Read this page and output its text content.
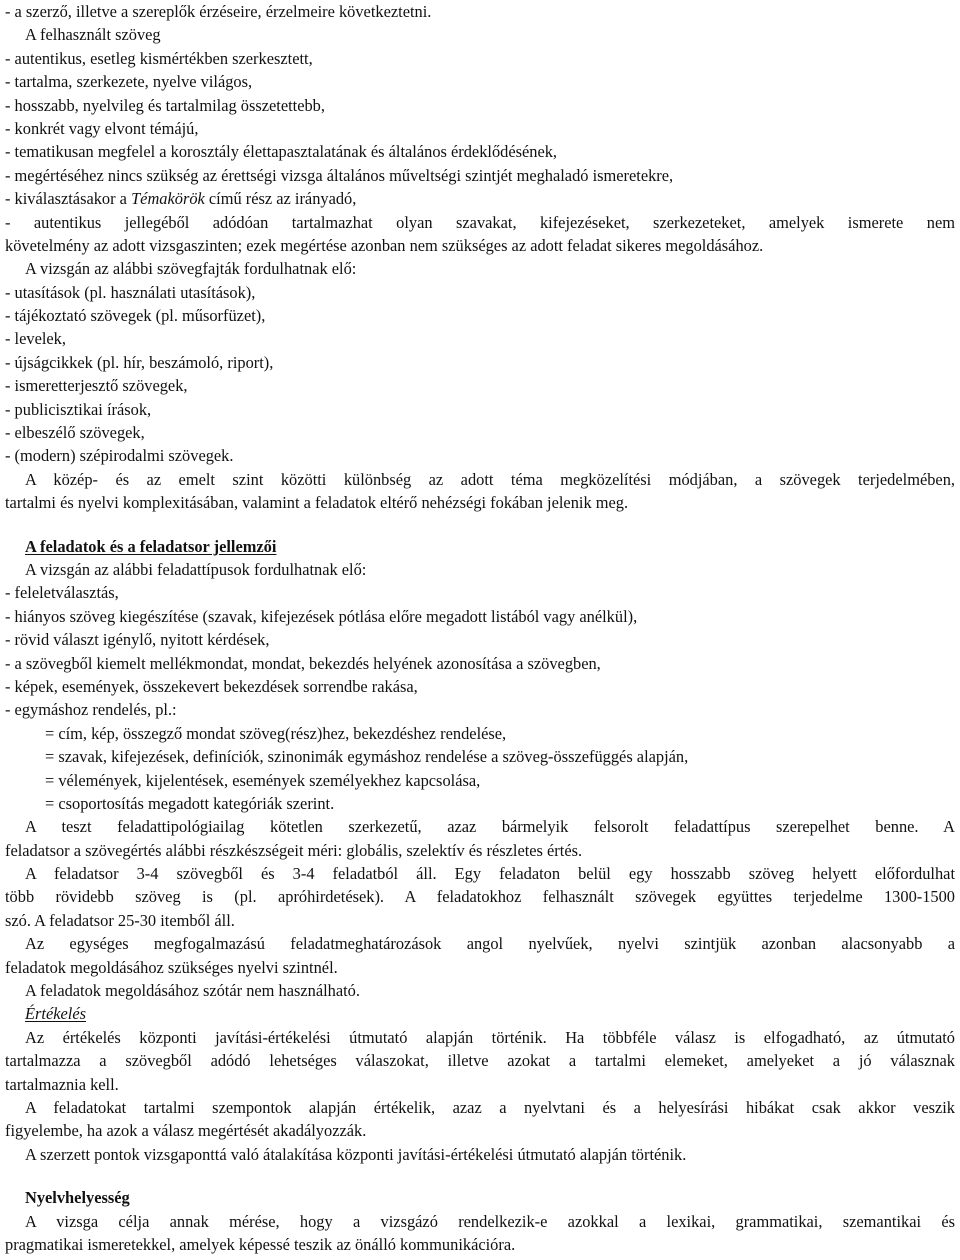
- a szerző, illetve a szereplők érzéseire, érzelmeire következtetni.
A felhasznált szöveg
- autentikus, esetleg kismértékben szerkesztett,
- tartalma, szerkezete, nyelve világos,
- hosszabb, nyelvileg és tartalmilag összetettebb,
- konkrét vagy elvont témájú,
- tematikusan megfelel a korosztály élettapasztalatának és általános érdeklődésének,
- megértéséhez nincs szükség az érettségi vizsga általános műveltségi szintjét meghaladó ismeretekre,
- kiválasztásakor a Témakörök című rész az irányadó,
- autentikus jellegéből adódóan tartalmazhat olyan szavakat, kifejezéseket, szerkezeteket, amelyek ismerete nem
követelmény az adott vizsgaszinten; ezek megértése azonban nem szükséges az adott feladat sikeres megoldásához.
A vizsgán az alábbi szövegfajták fordulhatnak elő:
- utasítások (pl. használati utasítások),
- tájékoztató szövegek (pl. műsorfüzet),
- levelek,
- újságcikkek (pl. hír, beszámoló, riport),
- ismeretterjesztő szövegek,
- publicisztikai írások,
- elbeszélő szövegek,
- (modern) szépirodalmi szövegek.
A közép- és az emelt szint közötti különbség az adott téma megközelítési módjában, a szövegek terjedelmében,
tartalmi és nyelvi komplexitásában, valamint a feladatok eltérő nehézségi fokában jelenik meg.
A feladatok és a feladatsor jellemzői
A vizsgán az alábbi feladattípusok fordulhatnak elő:
- feleletválasztás,
- hiányos szöveg kiegészítése (szavak, kifejezések pótlása előre megadott listából vagy anélkül),
- rövid választ igénylő, nyitott kérdések,
- a szövegből kiemelt mellékmondat, mondat, bekezdés helyének azonosítása a szövegben,
- képek, események, összekevert bekezdések sorrendbe rakása,
- egymáshoz rendelés, pl.:
= cím, kép, összegző mondat szöveg(rész)hez, bekezdéshez rendelése,
= szavak, kifejezések, definíciók, szinonimák egymáshoz rendelése a szöveg-összefüggés alapján,
= vélemények, kijelentések, események személyekhez kapcsolása,
= csoportosítás megadott kategóriák szerint.
A teszt feladattipológiailag kötetlen szerkezetű, azaz bármelyik felsorolt feladattípus szerepelhet benne. A
feladatsor a szövegértés alábbi részkészségeit méri: globális, szelektív és részletes értés.
A feladatsor 3-4 szövegből és 3-4 feladatból áll. Egy feladaton belül egy hosszabb szöveg helyett előfordulhat
több rövidebb szöveg is (pl. apróhirdetések). A feladatokhoz felhasznált szövegek együttes terjedelme 1300-1500
szó. A feladatsor 25-30 itemből áll.
Az egységes megfogalmazású feladatmeghatározások angol nyelvűek, nyelvi szintjük azonban alacsonyabb a
feladatok megoldásához szükséges nyelvi szintnél.
A feladatok megoldásához szótár nem használható.
Értékelés
Az értékelés központi javítási-értékelési útmutató alapján történik. Ha többféle válasz is elfogadható, az útmutató
tartalmazza a szövegből adódó lehetséges válaszokat, illetve azokat a tartalmi elemeket, amelyeket a jó válasznak
tartalmaznia kell.
A feladatokat tartalmi szempontok alapján értékelik, azaz a nyelvtani és a helyesírási hibákat csak akkor veszik
figyelembe, ha azok a válasz megértését akadályozzák.
A szerzett pontok vizsgaponttá való átalakítása központi javítási-értékelési útmutató alapján történik.
Nyelvhelyesség
A vizsga célja annak mérése, hogy a vizsgázó rendelkezik-e azokkal a lexikai, grammatikai, szemantikai és
pragmatikai ismeretekkel, amelyek képessé teszik az önálló kommunikációra.
